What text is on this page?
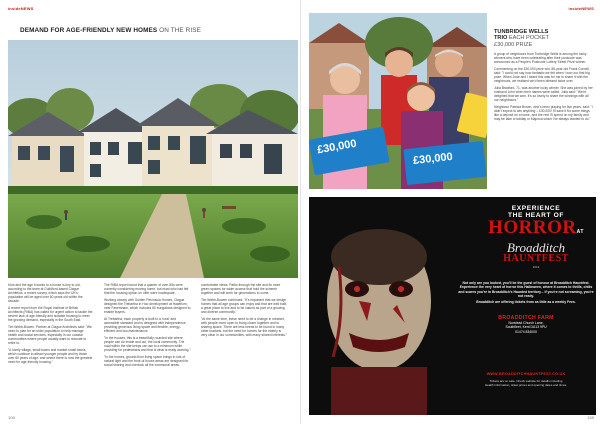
insideNEWS
DEMAND FOR AGE-FRIENDLY NEW HOMES ON THE RISE

How and the age it works to a house is key to old, according to the team at Guildford-based Clague Architects, a recent survey, which says the UK's population will be aged over 60 years old within the decade.

A recent report from the Royal Institute of British Architects (RIBA) has called for urgent action to tackle the severe lack of age-friendly and suitable housing to meet the growing demand, especially in the South East.

Tim Webb-Bowen, Partner at Clague Architects said: "We need to plan for an older population to help manage health and social services, especially in our coastal communities where people usually want to relocate to retire to.

"A lovely village, small towns and market small towns, which continue to attract younger people and by those over 60 years of age, and where there is now the greatest need for age-friendly housing."

The RIBA report found that a quarter of over-55s were currently considering moving home, but most who had felt that the housing option on offer were inadequate.

Working closely with Golden Peninsula Homes, Clague designed the Trebartha in Hoo development at Hawthorn, near Faversham, which includes 60 bungalows designed to enable buyers.

At Trebartha, each property is built to a 'rural' and accessible standard and is designed with independence, providing generous living space and flexible, energy-efficient and low-maintenance.

"In the houses, this is a beautifully rounded site where people can do inside and out, the local community. The road within the site keeps car use to a minimum while providing for pedestrians and that is what is really working."

"In the homes, ground-floor living space brings in lots of natural light and the front-of-house areas are designed for social sharing and overlook all the communal areas.

comfortable views. Paths through the site and its more green spaces for wider access that hold the scheme together and will work for generations to come.

Tim Webb-Bowen continued: "It's important that we design homes that all age groups can enjoy and that are well built, a great place to live and to be valued as part of a growing and diverse community."

"At the same time, these need to be a change in mindset, with people more open to living closer together and to sharing space. There are less needs to be found in many other markets, but the need for homes for the elderly is very clear in our communities, with many shared interests."

108
insideNEWS
£30,000
£30,000
TUNBRIDGE WELLS
TRIO EACH POCKET
£30,000 PRIZE

A group of neighbours from Tunbridge Wells is among the lucky winners who have been celebrating after their postcode was announced as a People's Postcode Lottery Street Prize winner.

Commenting on the £30,000 prize win, 86-year-old Frank Cornell, said: "I could not say how fantastic we felt when I won our first big prize. When Jude and I heard this was for me to share it with the neighbours, we realised we'd been blessed twice over.

Julia Bradford, 71, was another lucky winner. She was joined by her husband John when their names were called. Julia said: "We're delighted that we won, it's so lovely to share the winnings with all our neighbours."

Neighbour Patricia Brown, who's been playing for five years, said: "I didn't expect to win anything – £30,000! I'll save it for some things like a deposit on a home, and the rest I'll spend on my family and may be take a holiday or Majorca which I've always wanted to do."

EXPERIENCE
THE HEART OF
HORRORAT
Broadditch
HAUNTFEST
2019

Not only are you looked, you'll be the guest of honour at Broadditch Hauntfest. Experience the very heart of horror this Halloween, where it comes to thrills, chills and scares you're in Broadditch's Haunted territory... if you're not screaming, you're not ready.

Broadditch are offering tickets from as little as a weekly Fees.

BROADDITCH FARM
Nurstead Church Lane,
Southfleet, Kent DA13 9PU
01474 834000
WWW.BROADDITCHHAUNTFEST.CO.UK
Tickets are on sale. Check website for details including
Health information, ticket prices and opening dates and times.
159
